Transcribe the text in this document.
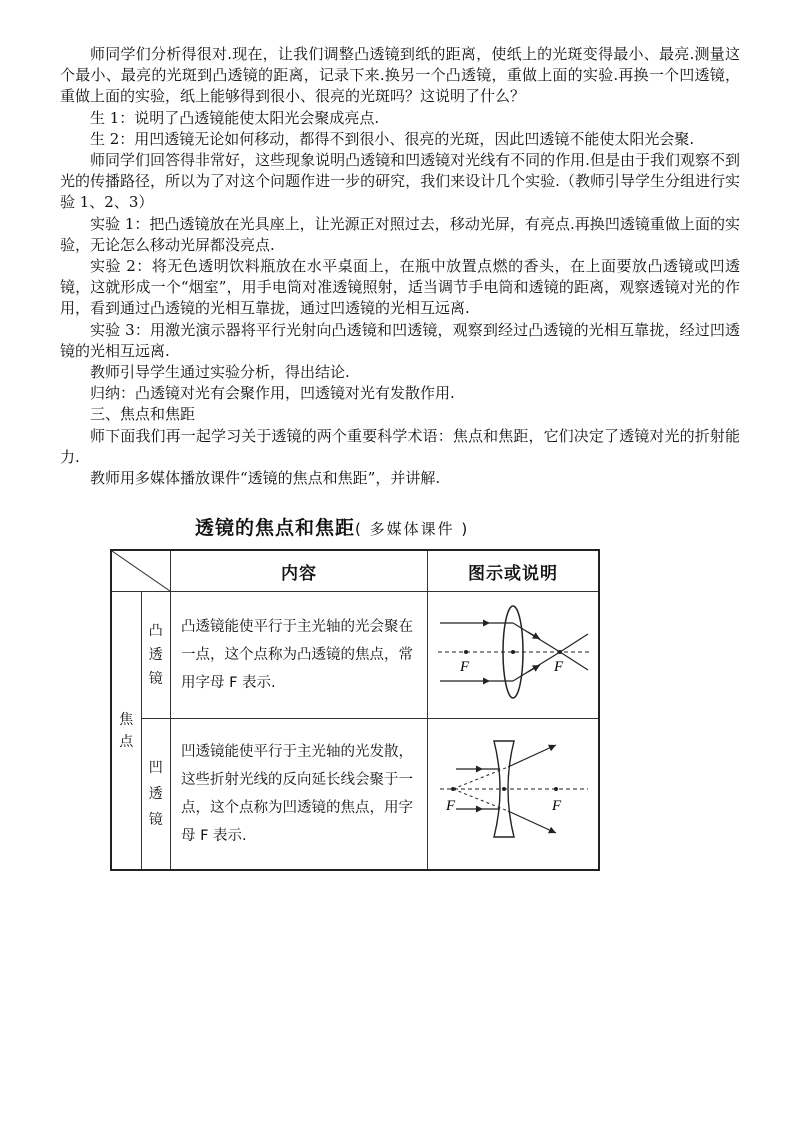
师同学们分析得很对.现在，让我们调整凸透镜到纸的距离，使纸上的光斑变得最小、最亮.测量这个最小、最亮的光斑到凸透镜的距离，记录下来.换另一个凸透镜，重做上面的实验.再换一个凹透镜，重做上面的实验，纸上能够得到很小、很亮的光斑吗？这说明了什么？

生 1：说明了凸透镜能使太阳光会聚成亮点.

生 2：用凹透镜无论如何移动，都得不到很小、很亮的光斑，因此凹透镜不能使太阳光会聚.

师同学们回答得非常好，这些现象说明凸透镜和凹透镜对光线有不同的作用.但是由于我们观察不到光的传播路径，所以为了对这个问题作进一步的研究，我们来设计几个实验.（教师引导学生分组进行实验 1、2、3）

实验 1：把凸透镜放在光具座上，让光源正对照过去，移动光屏，有亮点.再换凹透镜重做上面的实验，无论怎么移动光屏都没亮点.

实验 2：将无色透明饮料瓶放在水平桌面上，在瓶中放置点燃的香头，在上面要放凸透镜或凹透镜，这就形成一个“烟室”，用手电筒对准透镜照射，适当调节手电筒和透镜的距离，观察透镜对光的作用，看到通过凸透镜的光相互靠拢，通过凹透镜的光相互远离.

实验 3：用激光演示器将平行光射向凸透镜和凹透镜，观察到经过凸透镜的光相互靠拢，经过凹透镜的光相互远离.

教师引导学生通过实验分析，得出结论.

归纳：凸透镜对光有会聚作用，凹透镜对光有发散作用.

三、焦点和焦距

师下面我们再一起学习关于透镜的两个重要科学术语：焦点和焦距，它们决定了透镜对光的折射能力.

教师用多媒体播放课件“透镜的焦点和焦距”，并讲解.

透镜的焦点和焦距( 多媒体课件 )
	内容	图示或说明

焦点	凸透镜	凸透镜能使平行于主光轴的光会聚在一点，这个点称为凸透镜的焦点，常用字母 F 表示.	F F

	凹透镜	凹透镜能使平行于主光轴的光发散，这些折射光线的反向延长线会聚于一点，这个点称为凹透镜的焦点，用字母 F 表示.	F F
